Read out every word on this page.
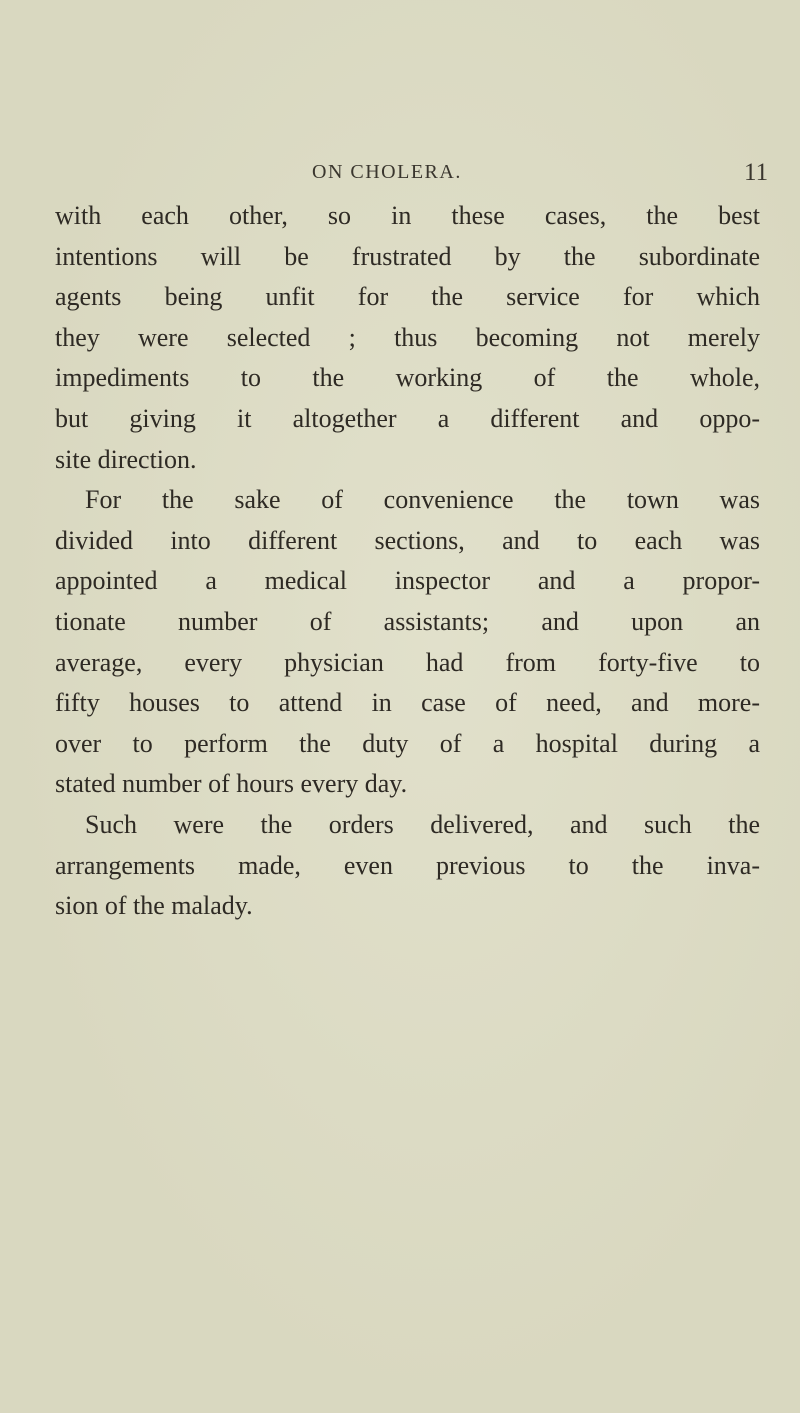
ON CHOLERA.	11
with each other, so in these cases, the best
intentions will be frustrated by the subordinate
agents being unfit for the service for which
they were selected ; thus becoming not merely
impediments to the working of the whole,
but giving it altogether a different and oppo-
site direction.
For the sake of convenience the town was
divided into different sections, and to each was
appointed a medical inspector and a propor-
tionate number of assistants; and upon an
average, every physician had from forty-five to
fifty houses to attend in case of need, and more-
over to perform the duty of a hospital during a
stated number of hours every day.
Such were the orders delivered, and such the
arrangements made, even previous to the inva-
sion of the malady.
